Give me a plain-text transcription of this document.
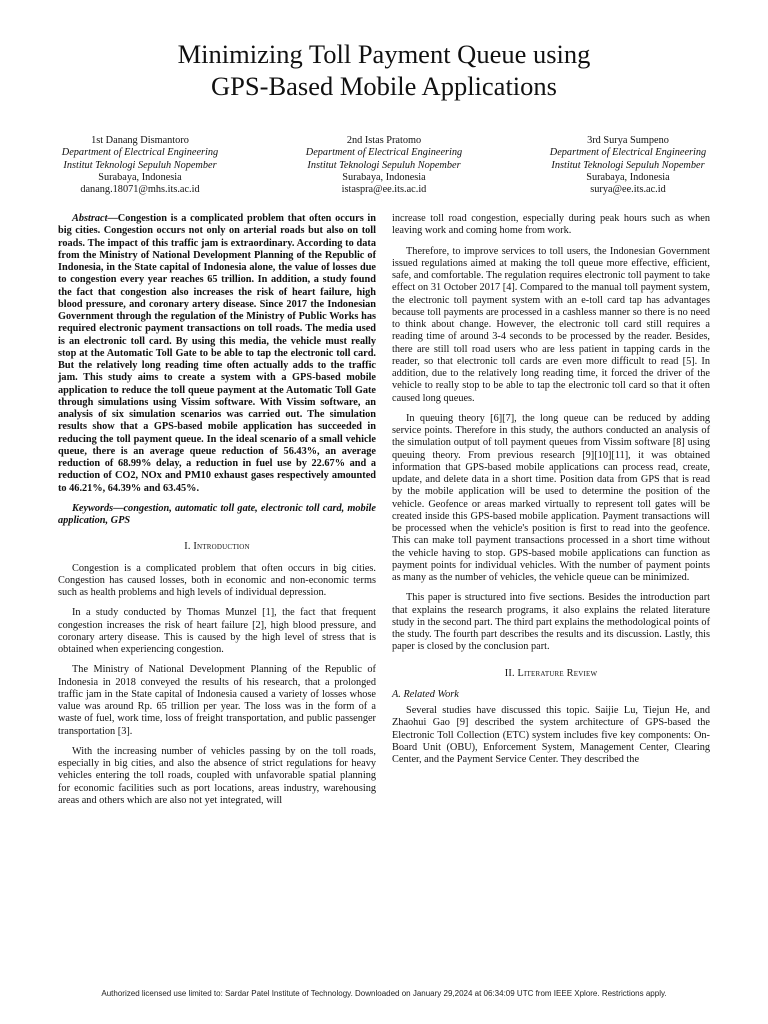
Minimizing Toll Payment Queue using
GPS-Based Mobile Applications
1st Danang Dismantoro
Department of Electrical Engineering
Institut Teknologi Sepuluh Nopember
Surabaya, Indonesia
danang.18071@mhs.its.ac.id
2nd Istas Pratomo
Department of Electrical Engineering
Institut Teknologi Sepuluh Nopember
Surabaya, Indonesia
istaspra@ee.its.ac.id
3rd Surya Sumpeno
Department of Electrical Engineering
Institut Teknologi Sepuluh Nopember
Surabaya, Indonesia
surya@ee.its.ac.id

Abstract—Congestion is a complicated problem that often occurs in big cities. Congestion occurs not only on arterial roads but also on toll roads. The impact of this traffic jam is extraordinary. According to data from the Ministry of National Development Planning of the Republic of Indonesia, in the State capital of Indonesia alone, the value of losses due to congestion every year reaches 65 trillion. In addition, a study found the fact that congestion also increases the risk of heart failure, high blood pressure, and coronary artery disease. Since 2017 the Indonesian Government through the regulation of the Ministry of Public Works has required electronic payment transactions on toll roads. The media used is an electronic toll card. By using this media, the vehicle must really stop at the Automatic Toll Gate to be able to tap the electronic toll card. But the relatively long reading time often actually adds to the traffic jam. This study aims to create a system with a GPS-based mobile application to reduce the toll queue payment at the Automatic Toll Gate through simulations using Vissim software. With Vissim software, an analysis of six simulation scenarios was carried out. The simulation results show that a GPS-based mobile application has succeeded in reducing the toll payment queue. In the ideal scenario of a small vehicle queue, there is an average queue reduction of 56.43%, an average reduction of 68.99% delay, a reduction in fuel use by 22.67% and a reduction of CO2, NOx and PM10 exhaust gases respectively amounted to 46.21%, 64.39% and 63.45%.

Keywords—congestion, automatic toll gate, electronic toll card, mobile application, GPS

I. Introduction

Congestion is a complicated problem that often occurs in big cities. Congestion has caused losses, both in economic and non-economic terms such as health problems and high levels of individual depression.

In a study conducted by Thomas Munzel [1], the fact that frequent congestion increases the risk of heart failure [2], high blood pressure, and coronary artery disease. This is caused by the high level of stress that is obtained when experiencing congestion.

The Ministry of National Development Planning of the Republic of Indonesia in 2018 conveyed the results of his research, that a prolonged traffic jam in the State capital of Indonesia caused a variety of losses whose value was around Rp. 65 trillion per year. The loss was in the form of a waste of fuel, work time, loss of freight transportation, and public passenger transportation [3].

With the increasing number of vehicles passing by on the toll roads, especially in big cities, and also the absence of strict regulations for heavy vehicles entering the toll roads, coupled with unfavorable spatial planning for economic facilities such as port locations, areas industry, warehousing areas and others which are also not yet integrated, will

increase toll road congestion, especially during peak hours such as when leaving work and coming home from work.

Therefore, to improve services to toll users, the Indonesian Government issued regulations aimed at making the toll queue more effective, efficient, safe, and comfortable. The regulation requires electronic toll payment to take effect on 31 October 2017 [4]. Compared to the manual toll payment system, the electronic toll payment system with an e-toll card tap has advantages because toll payments are processed in a cashless manner so there is no need to think about change. However, the electronic toll card still requires a reading time of around 3-4 seconds to be processed by the reader. Besides, there are still toll road users who are less patient in tapping cards in the reader, so that electronic toll cards are even more difficult to read [5]. In addition, due to the relatively long reading time, it forced the driver of the vehicle to really stop to be able to tap the electronic toll card so that it often caused long queues.

In queuing theory [6][7], the long queue can be reduced by adding service points. Therefore in this study, the authors conducted an analysis of the simulation output of toll payment queues from Vissim software [8] using queuing theory. From previous research [9][10][11], it was obtained information that GPS-based mobile applications can process read, create, update, and delete data in a short time. Position data from GPS that is read by the mobile application will be used to determine the position of the vehicle. Geofence or areas marked virtually to represent toll gates will be created inside this GPS-based mobile application. Payment transactions will be processed when the vehicle's position is first to read into the geofence. This can make toll payment transactions processed in a short time without the vehicle having to stop. GPS-based mobile applications can function as payment points for individual vehicles. With the number of payment points as many as the number of vehicles, the vehicle queue can be minimized.

This paper is structured into five sections. Besides the introduction part that explains the research programs, it also explains the related literature study in the second part. The third part explains the methodological points of the study. The fourth part describes the results and its discussion. Lastly, this paper is closed by the conclusion part.

II. Literature Review
A. Related Work

Several studies have discussed this topic. Saijie Lu, Tiejun He, and Zhaohui Gao [9] described the system architecture of GPS-based the Electronic Toll Collection (ETC) system includes five key components: On-Board Unit (OBU), Enforcement System, Management Center, Clearing Center, and the Payment Service Center. They described the

Authorized licensed use limited to: Sardar Patel Institute of Technology. Downloaded on January 29,2024 at 06:34:09 UTC from IEEE Xplore. Restrictions apply.
